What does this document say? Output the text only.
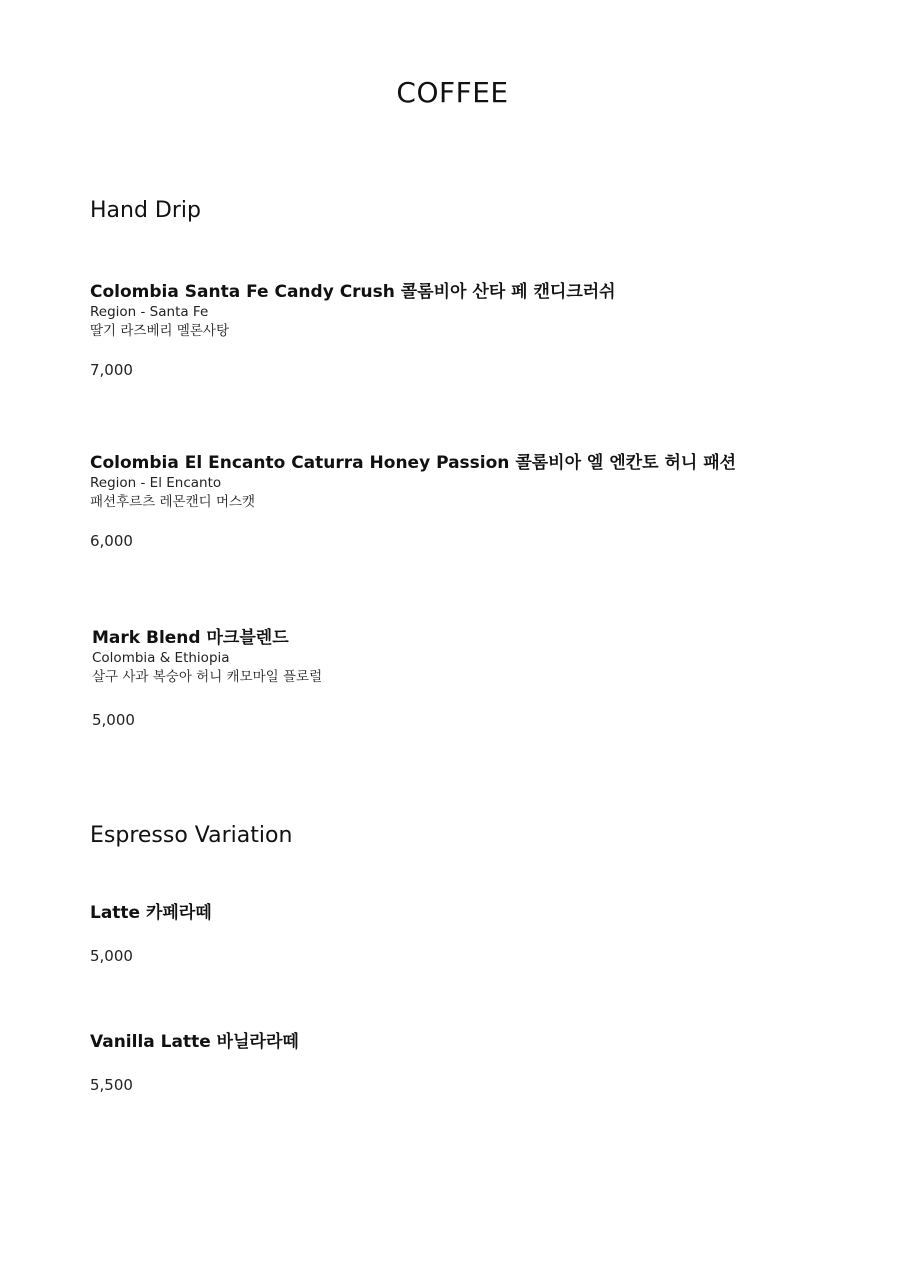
COFFEE
Hand Drip
Colombia Santa Fe Candy Crush 콜롬비아 산타 페 캔디크러쉬
Region - Santa Fe
딸기 라즈베리 멜론사탕
7,000
Colombia El Encanto Caturra Honey Passion 콜롬비아 엘 엔칸토 허니 패션
Region - El Encanto
패션후르츠 레몬캔디 머스캣
6,000
Mark Blend 마크블렌드
Colombia & Ethiopia
살구 사과 복숭아 허니 캐모마일 플로럴
5,000
Espresso Variation
Latte 카페라떼
5,000
Vanilla Latte 바닐라라떼
5,500
